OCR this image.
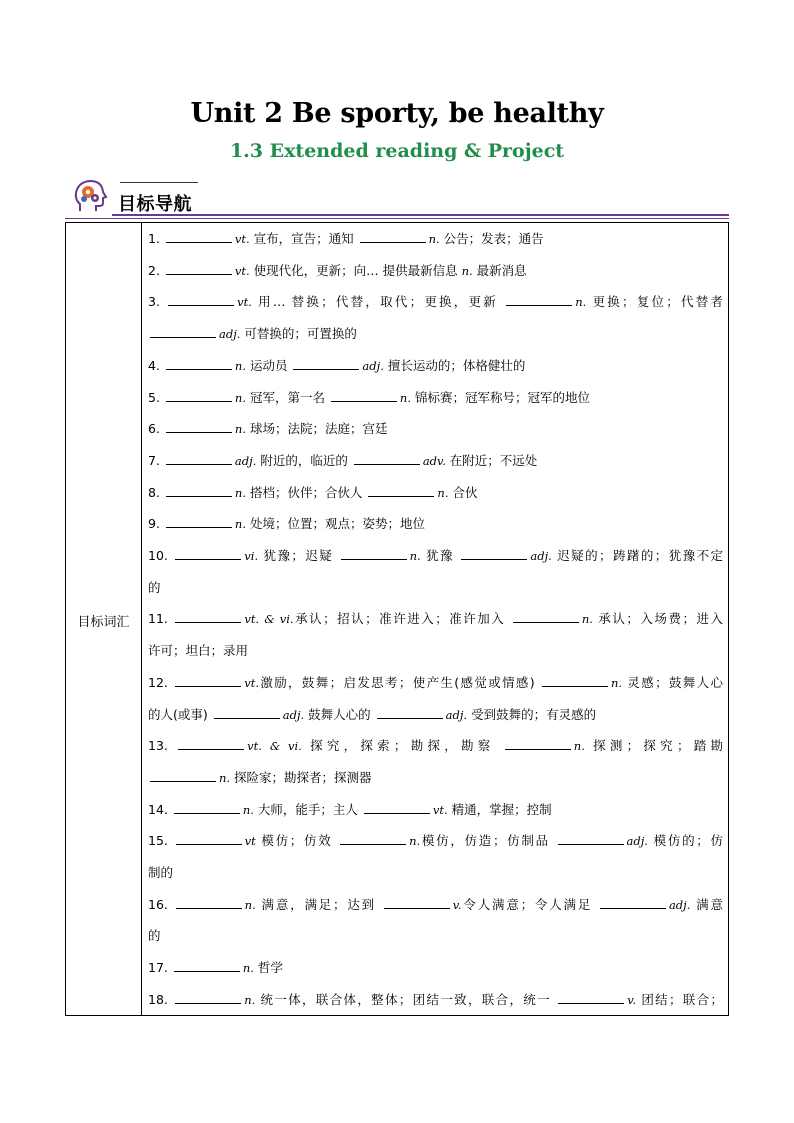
Unit 2 Be sporty, be healthy
1.3 Extended reading & Project
目标导航
目标词汇
1.	vt. 宣布，宣告；通知	n. 公告；发表；通告
2.	vt. 使现代化，更新；向… 提供最新信息 n. 最新消息
3.	vt. 用… 替换；代替，取代；更换，更新	n. 更换；复位；代替者
adj. 可替换的；可置换的
4.	n. 运动员	adj. 擅长运动的；体格健壮的
5.	n. 冠军，第一名	n. 锦标赛；冠军称号；冠军的地位
6.	n. 球场；法院；法庭；宫廷
7.	adj. 附近的，临近的	adv. 在附近；不远处
8.	n. 搭档；伙伴；合伙人	n. 合伙
9.	n. 处境；位置；观点；姿势；地位
10.	vi. 犹豫；迟疑	n. 犹豫	adj. 迟疑的；踌躇的；犹豫不定
的
11.	vt. & vi.承认；招认；准许进入；准许加入	n. 承认；入场费；进入
许可；坦白；录用
12.	vt.激励，鼓舞；启发思考；使产生(感觉或情感)	n. 灵感；鼓舞人心
的人(或事)	adj. 鼓舞人心的	adj. 受到鼓舞的；有灵感的
13.	vt. & vi. 探究，探索；勘探，勘察	n. 探测；探究；踏勘
n. 探险家；勘探者；探测器
14.	n. 大师，能手；主人	vt. 精通，掌握；控制
15.	vt 模仿；仿效	n.模仿，仿造；仿制品	adj. 模仿的；仿
制的
16.	n. 满意，满足；达到	v.令人满意；令人满足	adj. 满意
的
17.	n. 哲学
18.	n. 统一体，联合体，整体；团结一致，联合，统一	v. 团结；联合；
